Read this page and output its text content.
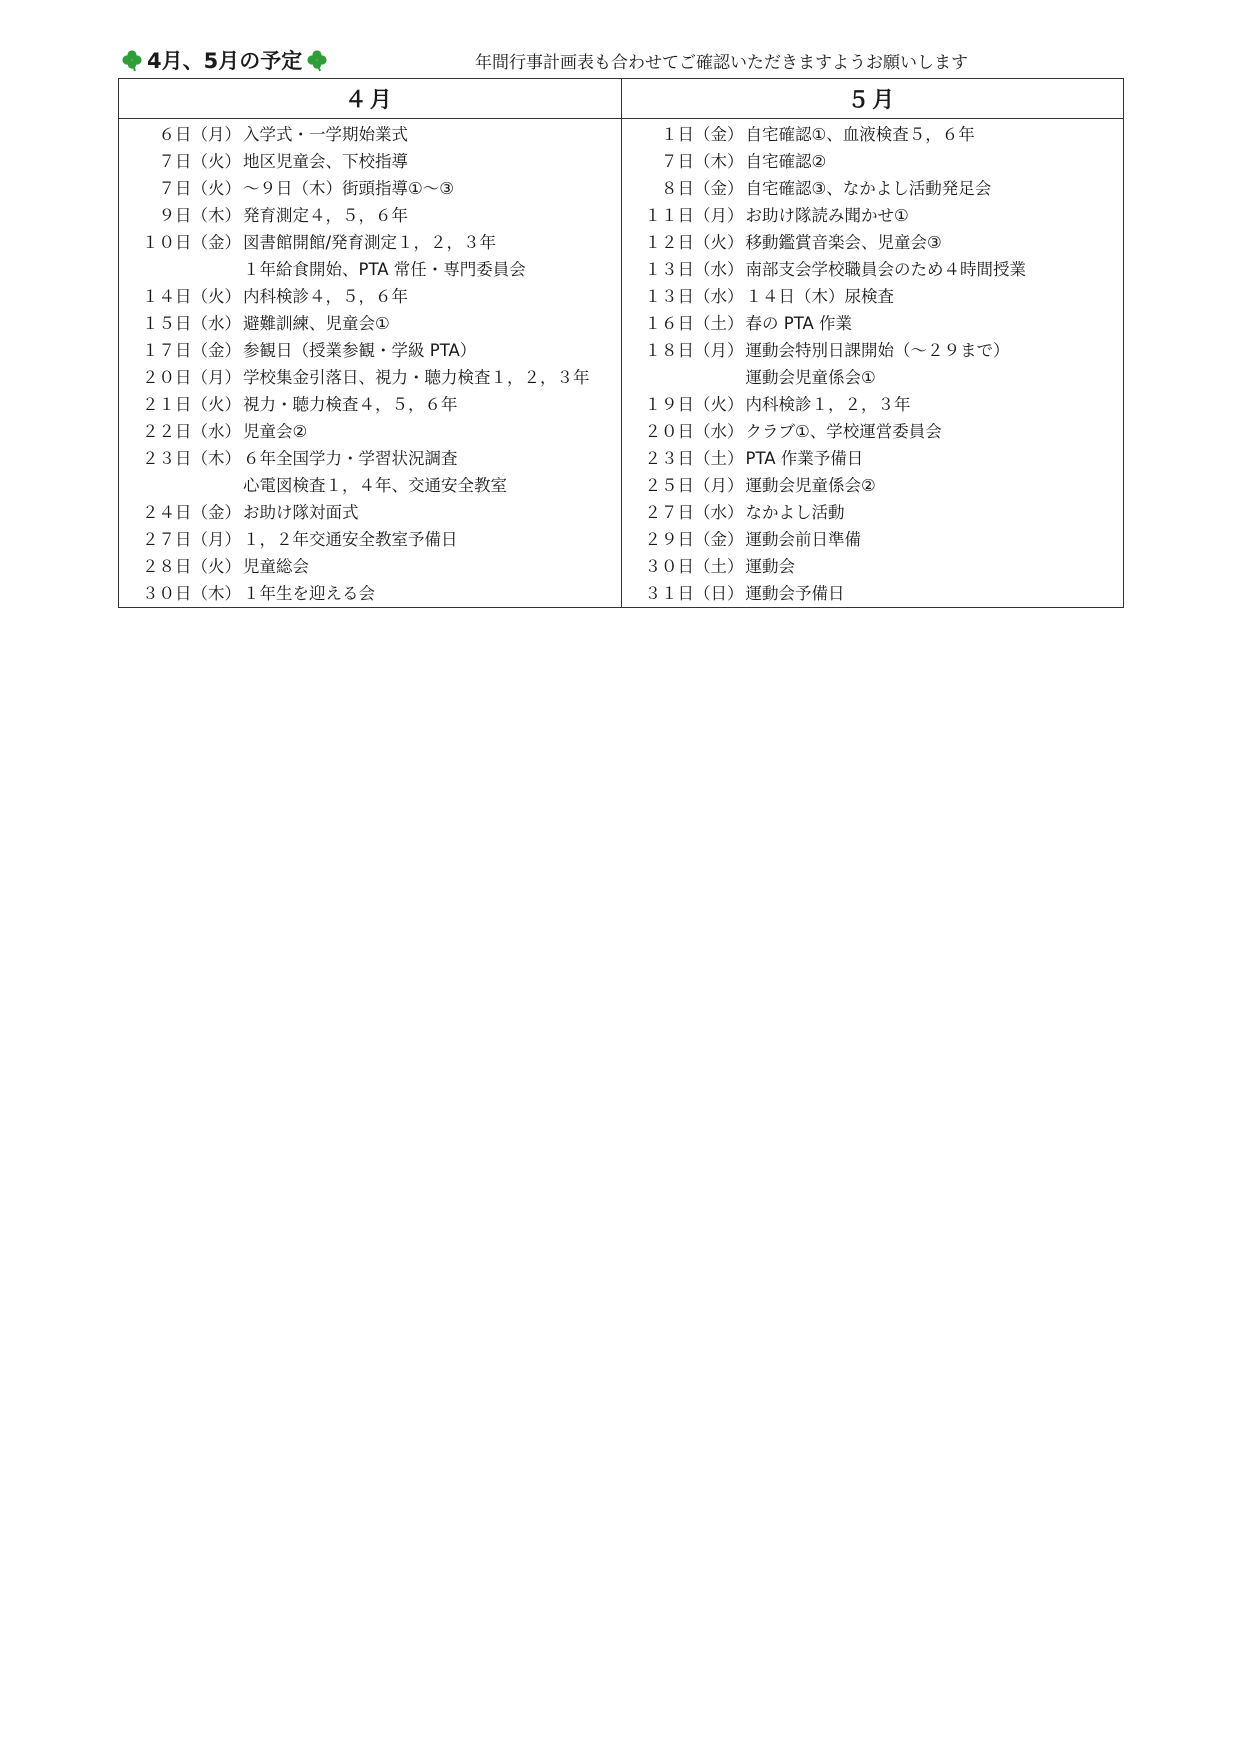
4月、5月の予定	年間行事計画表も合わせてご確認いただきますようお願いします
４月
６日（月） 入学式・一学期始業式
７日（火） 地区児童会、下校指導
７日（火） ～９日（木）街頭指導①～③
９日（木） 発育測定４，５，６年
１０日（金） 図書館開館/発育測定１，２，３年
１年給食開始、PTA 常任・専門委員会
１４日（火） 内科検診４，５，６年
１５日（水） 避難訓練、児童会①
１７日（金） 参観日（授業参観・学級 PTA）
２０日（月） 学校集金引落日、視力・聴力検査１，２，３年
２１日（火） 視力・聴力検査４，５，６年
２２日（水） 児童会②
２３日（木） ６年全国学力・学習状況調査
心電図検査１，４年、交通安全教室
２４日（金） お助け隊対面式
２７日（月） １，２年交通安全教室予備日
２８日（火） 児童総会
３０日（木） １年生を迎える会
５月
１日（金） 自宅確認①、血液検査５，６年
７日（木） 自宅確認②
８日（金） 自宅確認③、なかよし活動発足会
１１日（月） お助け隊読み聞かせ①
１２日（火） 移動鑑賞音楽会、児童会③
１３日（水） 南部支会学校職員会のため４時間授業
１３日（水） １４日（木）尿検査
１６日（土） 春の PTA 作業
１８日（月） 運動会特別日課開始（～２９まで）
運動会児童係会①
１９日（火） 内科検診１，２，３年
２０日（水） クラブ①、学校運営委員会
２３日（土） PTA 作業予備日
２５日（月） 運動会児童係会②
２７日（水） なかよし活動
２９日（金） 運動会前日準備
３０日（土） 運動会
３１日（日） 運動会予備日
